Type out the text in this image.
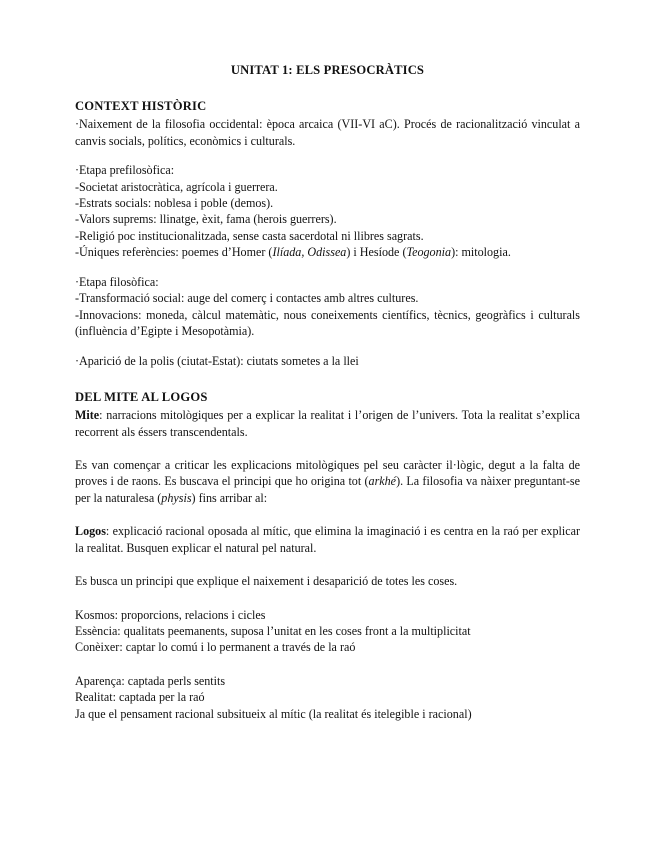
UNITAT 1: ELS PRESOCRÀTICS
CONTEXT HISTÒRIC

·Naixement de la filosofia occidental: època arcaica (VII-VI aC). Procés de racionalització vinculat a canvis socials, polítics, econòmics i culturals.

·Etapa prefilosòfica:

-Societat aristocràtica, agrícola i guerrera.

-Estrats socials: noblesa i poble (demos).

-Valors suprems: llinatge, èxit, fama (herois guerrers).

-Religió poc institucionalitzada, sense casta sacerdotal ni llibres sagrats.

-Úniques referències: poemes d’Homer (Ilíada, Odissea) i Hesíode (Teogonia): mitologia.

·Etapa filosòfica:

-Transformació social: auge del comerç i contactes amb altres cultures.

-Innovacions: moneda, càlcul matemàtic, nous coneixements científics, tècnics, geogràfics i culturals (influència d’Egipte i Mesopotàmia).

·Aparició de la polis (ciutat-Estat): ciutats sometes a la llei

DEL MITE AL LOGOS

Mite: narracions mitològiques per a explicar la realitat i l’origen de l’univers. Tota la realitat s’explica recorrent als éssers transcendentals.

Es van començar a criticar les explicacions mitològiques pel seu caràcter il·lògic, degut a la falta de proves i de raons. Es buscava el principi que ho origina tot (arkhé). La filosofia va nàixer preguntant-se per la naturalesa (physis) fins arribar al:

Logos: explicació racional oposada al mític, que elimina la imaginació i es centra en la raó per explicar la realitat. Busquen explicar el natural pel natural.

Es busca un principi que explique el naixement i desaparició de totes les coses.

Kosmos: proporcions, relacions i cicles

Essència: qualitats peemanents, suposa l’unitat en les coses front a la multiplicitat

Conèixer: captar lo comú i lo permanent a través de la raó

Aparença: captada perls sentits

Realitat: captada per la raó

Ja que el pensament racional subsitueix al mític (la realitat és itelegible i racional)
